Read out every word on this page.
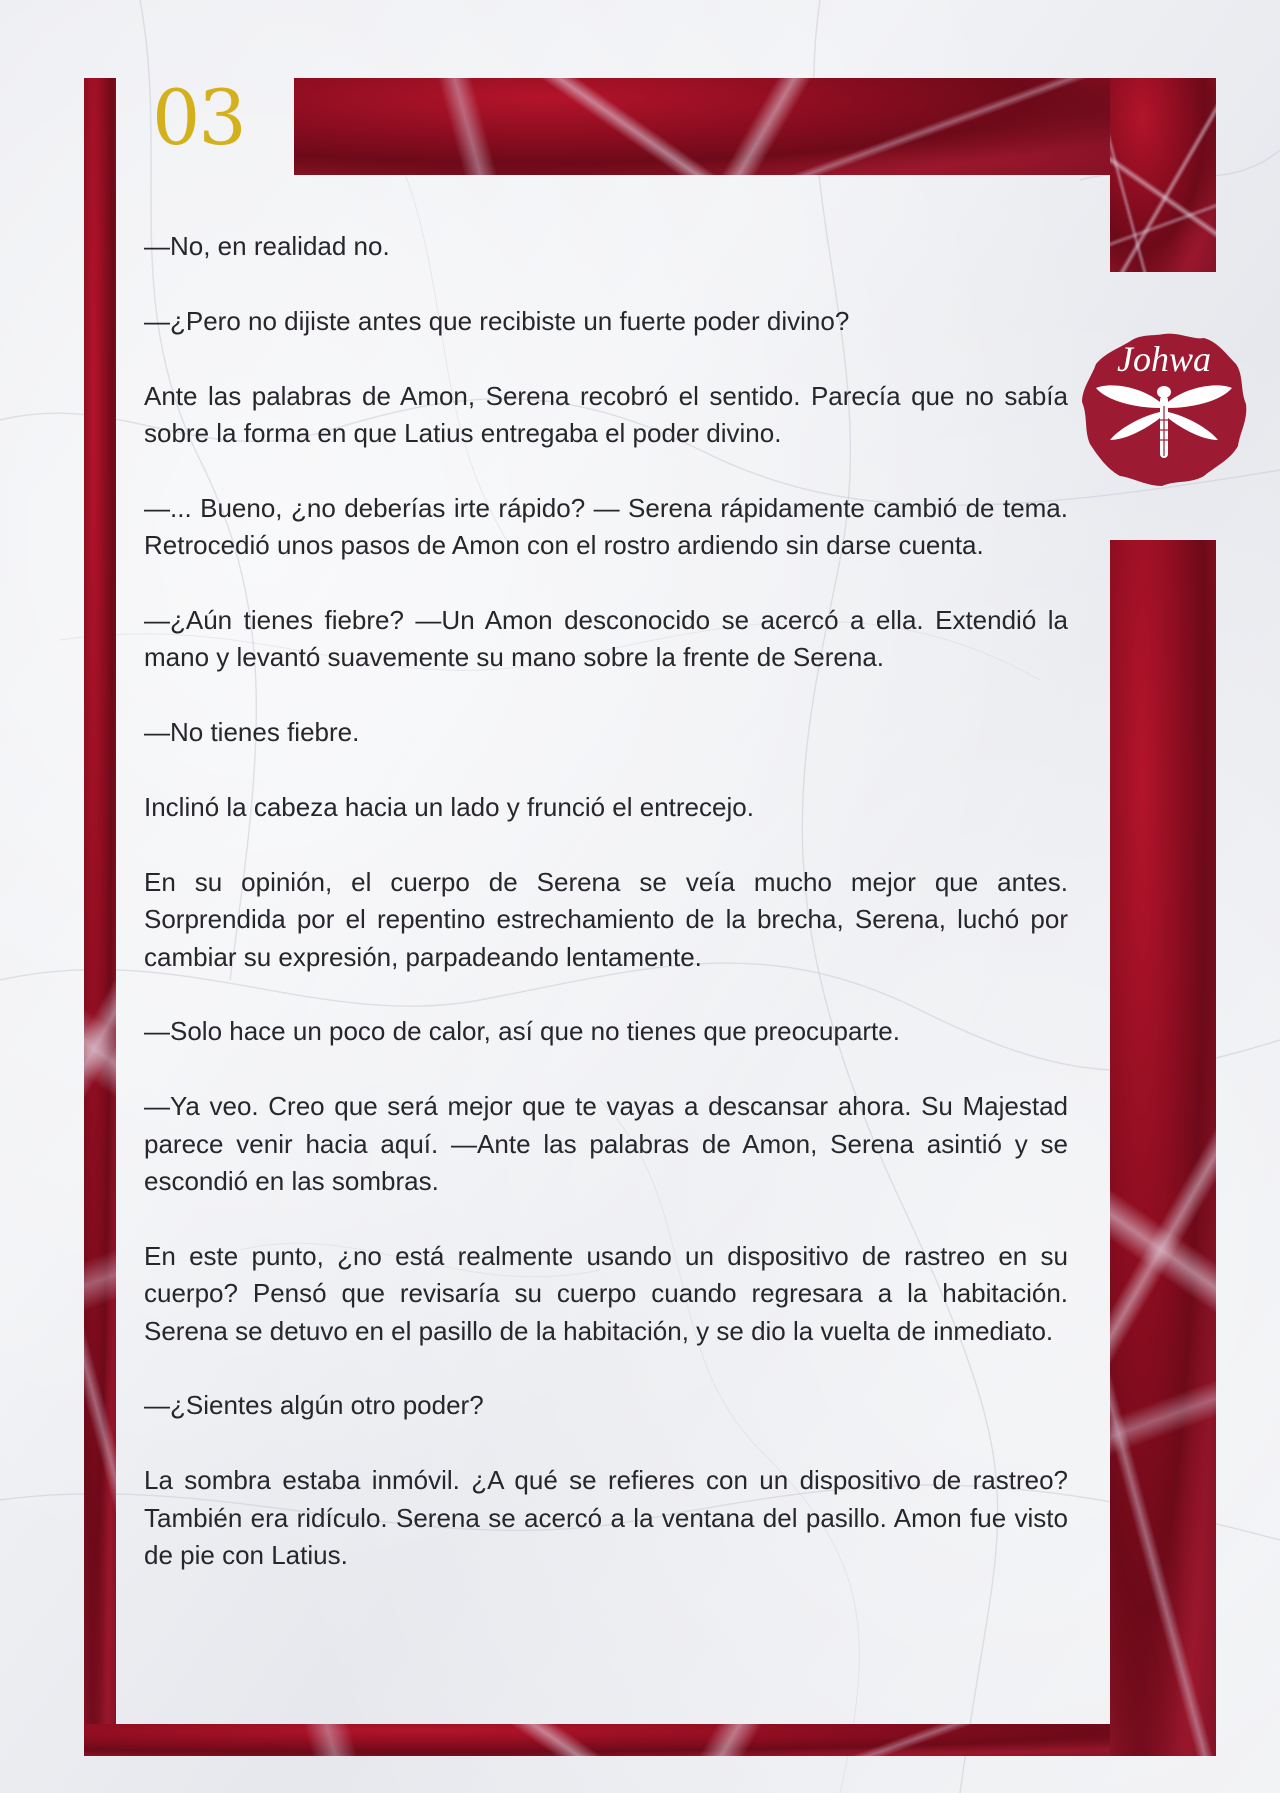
03
Johwa

—No, en realidad no.

—¿Pero no dijiste antes que recibiste un fuerte poder divino?

Ante las palabras de Amon, Serena recobró el sentido. Parecía que no sabía sobre la forma en que Latius entregaba el poder divino.

—... Bueno, ¿no deberías irte rápido? — Serena rápidamente cambió de tema. Retrocedió unos pasos de Amon con el rostro ardiendo sin darse cuenta.

—¿Aún tienes fiebre? —Un Amon desconocido se acercó a ella. Extendió la mano y levantó suavemente su mano sobre la frente de Serena.

—No tienes fiebre.

Inclinó la cabeza hacia un lado y frunció el entrecejo.

En su opinión, el cuerpo de Serena se veía mucho mejor que antes. Sorprendida por el repentino estrechamiento de la brecha, Serena, luchó por cambiar su expresión, parpadeando lentamente.

—Solo hace un poco de calor, así que no tienes que preocuparte.

—Ya veo. Creo que será mejor que te vayas a descansar ahora. Su Majestad parece venir hacia aquí. —Ante las palabras de Amon, Serena asintió y se escondió en las sombras.

En este punto, ¿no está realmente usando un dispositivo de rastreo en su cuerpo? Pensó que revisaría su cuerpo cuando regresara a la habitación. Serena se detuvo en el pasillo de la habitación, y se dio la vuelta de inmediato.

—¿Sientes algún otro poder?

La sombra estaba inmóvil. ¿A qué se refieres con un dispositivo de rastreo? También era ridículo. Serena se acercó a la ventana del pasillo. Amon fue visto de pie con Latius.
